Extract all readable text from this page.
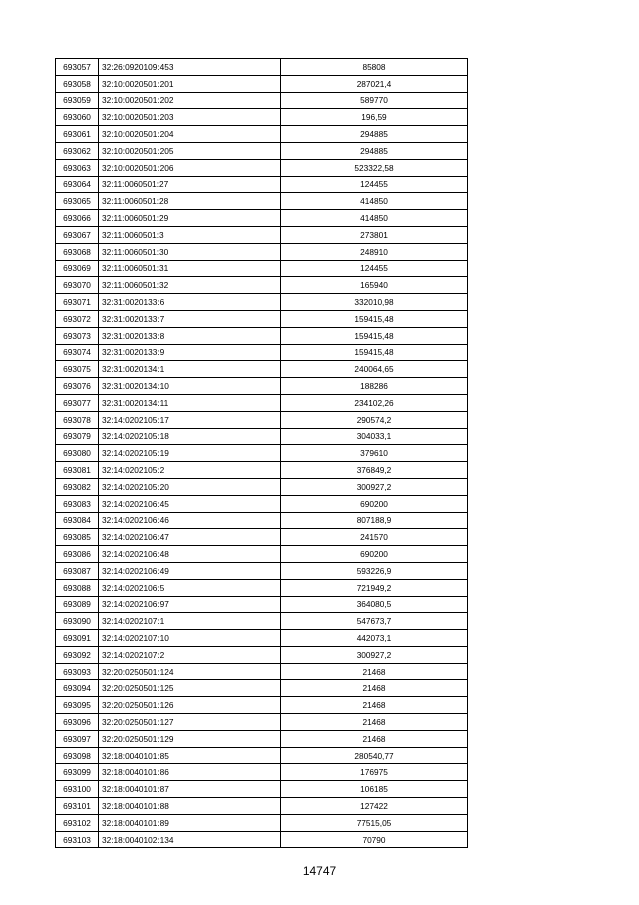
693057	32:26:0920109:453	85808
693058	32:10:0020501:201	287021,4
693059	32:10:0020501:202	589770
693060	32:10:0020501:203	196,59
693061	32:10:0020501:204	294885
693062	32:10:0020501:205	294885
693063	32:10:0020501:206	523322,58
693064	32:11:0060501:27	124455
693065	32:11:0060501:28	414850
693066	32:11:0060501:29	414850
693067	32:11:0060501:3	273801
693068	32:11:0060501:30	248910
693069	32:11:0060501:31	124455
693070	32:11:0060501:32	165940
693071	32:31:0020133:6	332010,98
693072	32:31:0020133:7	159415,48
693073	32:31:0020133:8	159415,48
693074	32:31:0020133:9	159415,48
693075	32:31:0020134:1	240064,65
693076	32:31:0020134:10	188286
693077	32:31:0020134:11	234102,26
693078	32:14:0202105:17	290574,2
693079	32:14:0202105:18	304033,1
693080	32:14:0202105:19	379610
693081	32:14:0202105:2	376849,2
693082	32:14:0202105:20	300927,2
693083	32:14:0202106:45	690200
693084	32:14:0202106:46	807188,9
693085	32:14:0202106:47	241570
693086	32:14:0202106:48	690200
693087	32:14:0202106:49	593226,9
693088	32:14:0202106:5	721949,2
693089	32:14:0202106:97	364080,5
693090	32:14:0202107:1	547673,7
693091	32:14:0202107:10	442073,1
693092	32:14:0202107:2	300927,2
693093	32:20:0250501:124	21468
693094	32:20:0250501:125	21468
693095	32:20:0250501:126	21468
693096	32:20:0250501:127	21468
693097	32:20:0250501:129	21468
693098	32:18:0040101:85	280540,77
693099	32:18:0040101:86	176975
693100	32:18:0040101:87	106185
693101	32:18:0040101:88	127422
693102	32:18:0040101:89	77515,05
693103	32:18:0040102:134	70790
14747
